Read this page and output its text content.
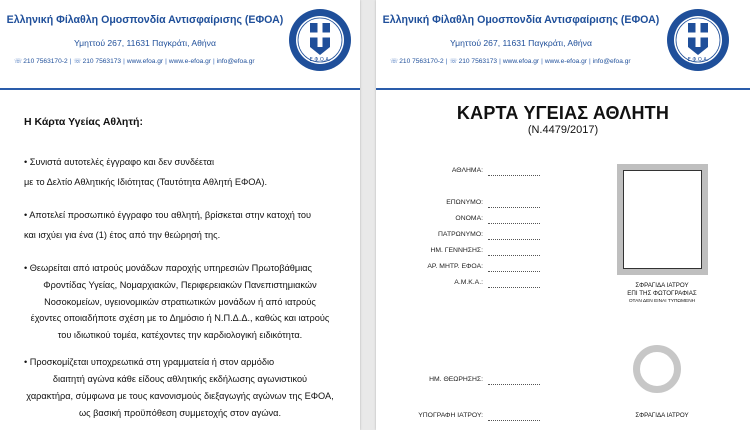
Ελληνική Φίλαθλη Ομοσπονδία Αντισφαίρισης (ΕΦΟΑ)
Υμηττού 267, 11631 Παγκράτι, Αθήνα
☏210 7563170-2 | ☏210 7563173 | www.efoa.gr | www.e-efoa.gr | info@efoa.gr	Ε.Φ.Ο.Α.
Η Κάρτα Υγείας Αθλητή:
• Συνιστά αυτοτελές έγγραφο και δεν συνδέεται
με το Δελτίο Αθλητικής Ιδιότητας (Ταυτότητα Αθλητή ΕΦΟΑ).
• Αποτελεί προσωπικό έγγραφο του αθλητή, βρίσκεται στην κατοχή του
και ισχύει για ένα (1) έτος από την θεώρησή της.
• Θεωρείται από ιατρούς μονάδων παροχής υπηρεσιών Πρωτοβάθμιας
Φροντίδας Υγείας, Νομαρχιακών, Περιφερειακών Πανεπιστημιακών
Νοσοκομείων, υγειονομικών στρατιωτικών μονάδων ή από ιατρούς
έχοντες οποιαδήποτε σχέση με το Δημόσιο ή Ν.Π.Δ.Δ., καθώς και ιατρούς
του ιδιωτικού τομέα, κατέχοντες την καρδιολογική ειδικότητα.
• Προσκομίζεται υποχρεωτικά στη γραμματεία ή στον αρμόδιο
διαιτητή αγώνα κάθε είδους αθλητικής εκδήλωσης αγωνιστικού
χαρακτήρα, σύμφωνα με τους κανονισμούς διεξαγωγής αγώνων της ΕΦΟΑ,
ως βασική προϋπόθεση συμμετοχής στον αγώνα.
Ελληνική Φίλαθλη Ομοσπονδία Αντισφαίρισης (ΕΦΟΑ)
Υμηττού 267, 11631 Παγκράτι, Αθήνα
☏210 7563170-2 | ☏210 7563173 | www.efoa.gr | www.e-efoa.gr | info@efoa.gr	Ε.Φ.Ο.Α.
ΚΑΡΤΑ ΥΓΕΙΑΣ ΑΘΛΗΤΗ
(Ν.4479/2017)
ΑΘΛΗΜΑ:
ΕΠΩΝΥΜΟ:
ΟΝΟΜΑ:
ΠΑΤΡΩΝΥΜΟ:
ΗΜ. ΓΕΝΝΗΣΗΣ:
ΑΡ. ΜΗΤΡ. ΕΦΟΑ:
Α.Μ.Κ.Α.:	ΣΦΡΑΓΙΔΑ ΙΑΤΡΟΥ
ΕΠΙ ΤΗΣ ΦΩΤΟΓΡΑΦΙΑΣ
ΟΤΑΝ ΔΕΝ ΕΙΝΑΙ ΤΥΠΩΜΕΝΗ
ΗΜ. ΘΕΩΡΗΣΗΣ:
ΥΠΟΓΡΑΦΗ ΙΑΤΡΟΥ:	ΣΦΡΑΓΙΔΑ ΙΑΤΡΟΥ
